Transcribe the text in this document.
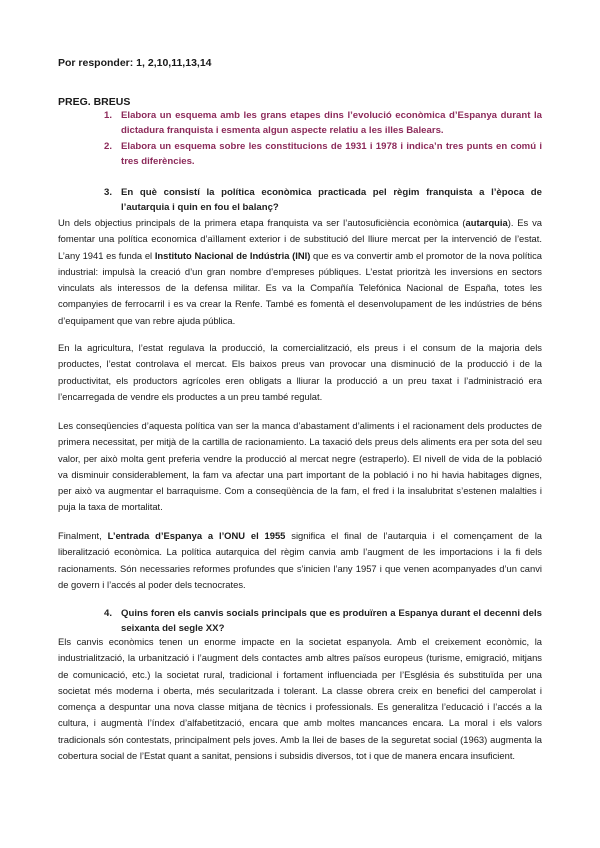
Por responder: 1, 2,10,11,13,14
PREG. BREUS
1. Elabora un esquema amb les grans etapes dins l’evolució econòmica d’Espanya durant la dictadura franquista i esmenta algun aspecte relatiu a les illes Balears.
2. Elabora un esquema sobre les constitucions de 1931 i 1978 i indica’n tres punts en comú i tres diferències.
3. En què consistí la política econòmica practicada pel règim franquista a l’època de l’autarquia i quin en fou el balanç?
Un dels objectius principals de la primera etapa franquista va ser l’autosuficiència econòmica (autarquia). Es va fomentar una política economica d’aïllament exterior i de substitució del lliure mercat per la intervenció de l’estat. L’any 1941 es funda el Instituto Nacional de Indústria (INI) que es va convertir amb el promotor de la nova política industrial: impulsà la creació d’un gran nombre d’empreses públiques. L’estat prioritzà les inversions en sectors vinculats als interessos de la defensa militar. Es va la Compañía Telefónica Nacional de España, totes les companyies de ferrocarril i es va crear la Renfe. També es fomentà el desenvolupament de les indústries de béns d’equipament que van rebre ajuda pública.
En la agricultura, l’estat regulava la producció, la comercialització, els preus i el consum de la majoria dels productes, l’estat controlava el mercat. Els baixos preus van provocar una disminució de la producció i de la productivitat, els productors agrícoles eren obligats a lliurar la producció a un preu taxat i l’administració era l’encarregada de vendre els productes a un preu també regulat.
Les conseqüencies d’aquesta política van ser la manca d’abastament d’aliments i el racionament dels productes de primera necessitat, per mitjà de la cartilla de racionamiento. La taxació dels preus dels aliments era per sota del seu valor, per això molta gent preferia vendre la producció al mercat negre (estraperlo). El nivell de vida de la població va disminuir considerablement, la fam va afectar una part important de la població i no hi havia habitages dignes, per això va augmentar el barraquisme. Com a conseqüència de la fam, el fred i la insalubritat s’estenen malalties i puja la taxa de mortalitat.
Finalment, L’entrada d’Espanya a l’ONU el 1955 significa el final de l’autarquia i el començament de la liberalització econòmica. La política autarquica del règim canvia amb l’augment de les importacions i la fi dels racionaments. Són necessaries reformes profundes que s’inicien l’any 1957 i que venen acompanyades d’un canvi de govern i l’accés al poder dels tecnocrates.
4. Quins foren els canvis socials principals que es produïren a Espanya durant el decenni dels seixanta del segle XX?
Els canvis econòmics tenen un enorme impacte en la societat espanyola. Amb el creixement econòmic, la industrialització, la urbanització i l’augment dels contactes amb altres països europeus (turisme, emigració, mitjans de comunicació, etc.) la societat rural, tradicional i fortament influenciada per l’Església és substituïda per una societat més moderna i oberta, més secularitzada i tolerant. La classe obrera creix en benefici del camperolat i comença a despuntar una nova classe mitjana de tècnics i professionals. Es generalitza l’educació i l’accés a la cultura, i augmentà l’índex d’alfabetització, encara que amb moltes mancances encara. La moral i els valors tradicionals són contestats, principalment pels joves. Amb la llei de bases de la seguretat social (1963) augmenta la cobertura social de l’Estat quant a sanitat, pensions i subsidis diversos, tot i que de manera encara insuficient.
